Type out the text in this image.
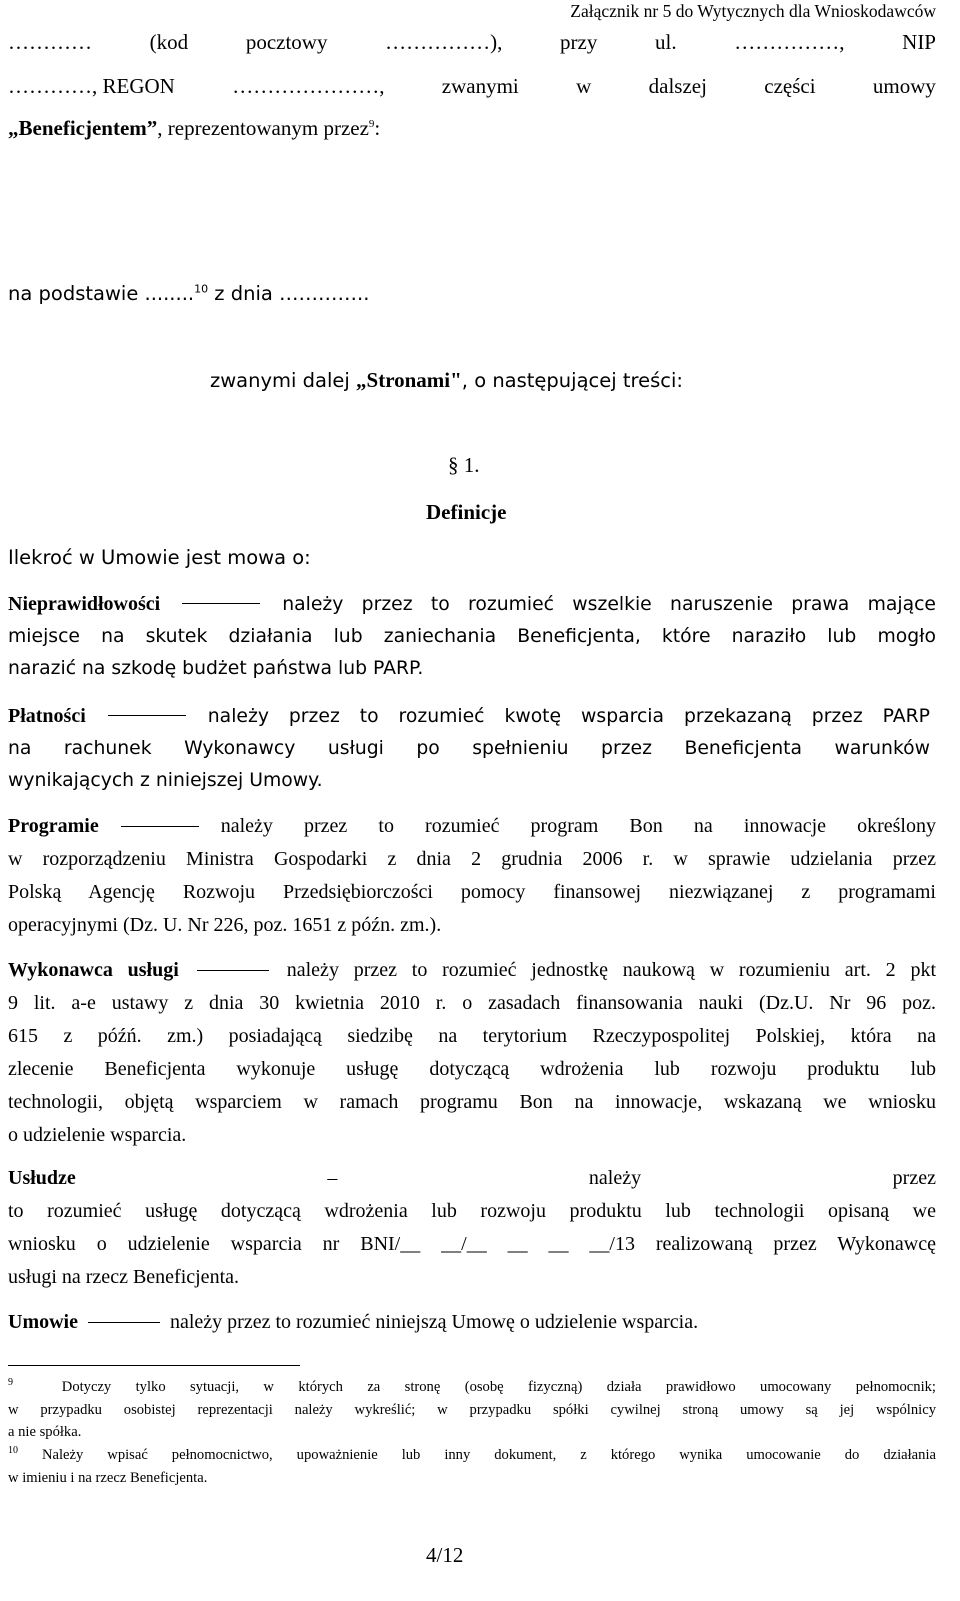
Załącznik nr 5 do Wytycznych dla Wnioskodawców
………… (kod pocztowy ……………), przy ul. ……………, NIP
…………, REGON	…………………,	zwanymi	w	dalszej	części	umowy
„Beneficjentem”, reprezentowanym przez$^9$:
na podstawie ........$^{10}$ z dnia …………..
zwanymi dalej „Stronami", o następującej treści:
§ 1.
Definicje
Ilekroć w Umowie jest mowa o:
Nieprawidłowości	należy przez to rozumieć wszelkie naruszenie prawa mające
miejsce na skutek działania lub zaniechania Beneficjenta, które naraziło lub mogło
narazić na szkodę budżet państwa lub PARP.
Płatności	należy przez to rozumieć kwotę wsparcia przekazaną przez PARP
na rachunek Wykonawcy usługi po spełnieniu przez Beneficjenta warunków
wynikających z niniejszej Umowy.
Programie	należy przez to rozumieć program Bon na innowacje określony
w rozporządzeniu Ministra Gospodarki z dnia 2 grudnia 2006 r. w sprawie udzielania przez
Polską Agencję Rozwoju Przedsiębiorczości pomocy finansowej niezwiązanej z programami
operacyjnymi (Dz. U. Nr 226, poz. 1651 z późn. zm.).
Wykonawca usługi	należy przez to rozumieć jednostkę naukową w rozumieniu art. 2 pkt
9 lit. a-e ustawy z dnia 30 kwietnia 2010 r. o zasadach finansowania nauki (Dz.U. Nr 96 poz.
615 z późń. zm.) posiadającą siedzibę na terytorium Rzeczypospolitej Polskiej, która na
zlecenie Beneficjenta wykonuje usługę dotyczącą wdrożenia lub rozwoju produktu lub
technologii, objętą wsparciem w ramach programu Bon na innowacje, wskazaną we wniosku
o udzielenie wsparcia.
Usłudze	–	należy	przez
to rozumieć usługę dotyczącą wdrożenia lub rozwoju produktu lub technologii opisaną we
wniosku o udzielenie wsparcia nr BNI/__ __/__ __ __ __/13 realizowaną przez Wykonawcę
usługi na rzecz Beneficjenta.
Umowie	należy przez to rozumieć niniejszą Umowę o udzielenie wsparcia.
$^9$	Dotyczy tylko sytuacji, w których za stronę (osobę fizyczną) działa prawidłowo umocowany pełnomocnik;
w przypadku osobistej reprezentacji należy wykreślić; w przypadku spółki cywilnej stroną umowy są jej wspólnicy
a nie spółka.
$^{10}$ Należy wpisać pełnomocnictwo, upoważnienie lub inny dokument, z którego wynika umocowanie do działania
w imieniu i na rzecz Beneficjenta.
4/12
